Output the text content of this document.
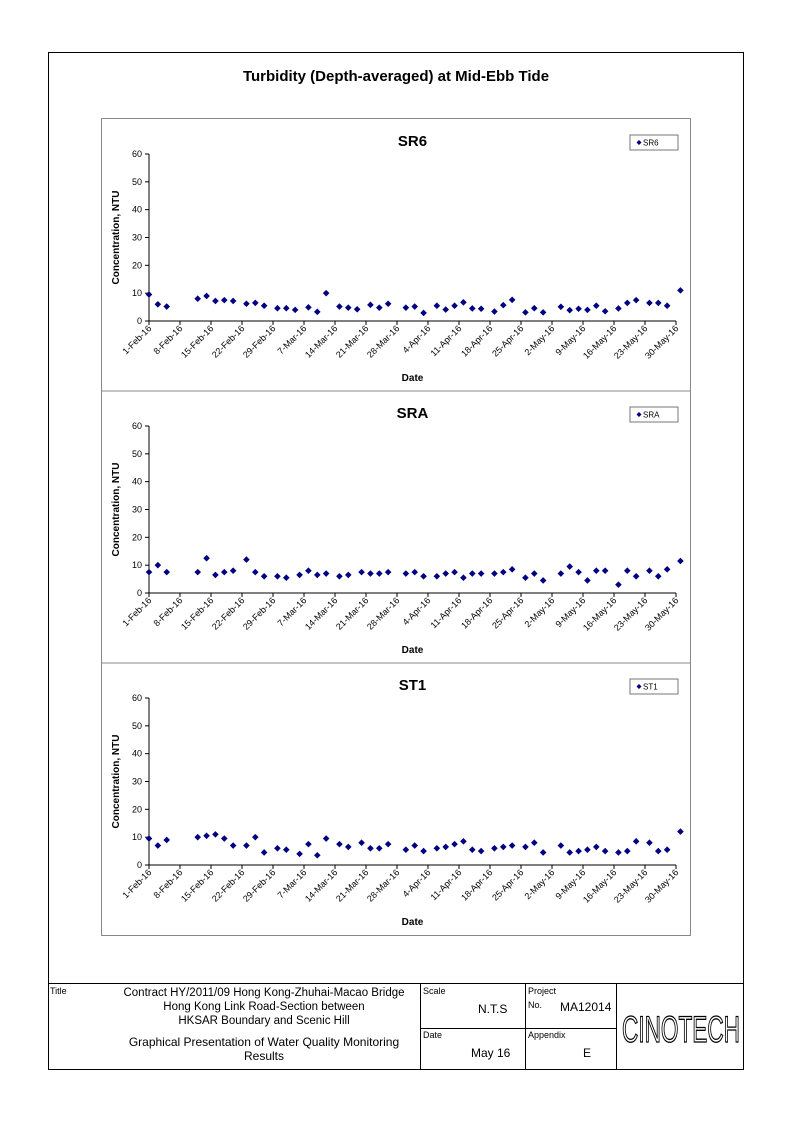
Turbidity (Depth-averaged) at Mid-Ebb Tide
SR6
0
10
20
30
40
50
60
1-Feb-16
8-Feb-16
15-Feb-16
22-Feb-16
29-Feb-16
7-Mar-16
14-Mar-16
21-Mar-16
28-Mar-16 4-Apr-16
11-Apr-16
18-Apr-16
25-Apr-16
2-May-16
9-May-16
16-May-16
23-May-16
30-May-16
Date
Concentration, NTU
SR6
SRA
0
10
20
30
40
50
60
1-Feb-16
8-Feb-16
15-Feb-16
22-Feb-16
29-Feb-16
7-Mar-16
14-Mar-16
21-Mar-16
28-Mar-16 4-Apr-16
11-Apr-16
18-Apr-16
25-Apr-16
2-May-16
9-May-16
16-May-16
23-May-16
30-May-16
Date
Concentration, NTU
SRA
ST1
0
10
20
30
40
50
60
1-Feb-16
8-Feb-16
15-Feb-16
22-Feb-16
29-Feb-16
7-Mar-16
14-Mar-16
21-Mar-16
28-Mar-16 4-Apr-16
11-Apr-16
18-Apr-16
25-Apr-16
2-May-16
9-May-16
16-May-16
23-May-16
30-May-16
Date
Concentration, NTU
ST1
Title	Contract HY/2011/09 Hong Kong-Zhuhai-Macao Bridge
Hong Kong Link Road-Section between
HKSAR Boundary and Scenic Hill
Graphical Presentation of Water Quality Monitoring
Results
Scale
N.T.S
Date
May 16
Project
No. MA12014
Appendix
E
CINOTECH
